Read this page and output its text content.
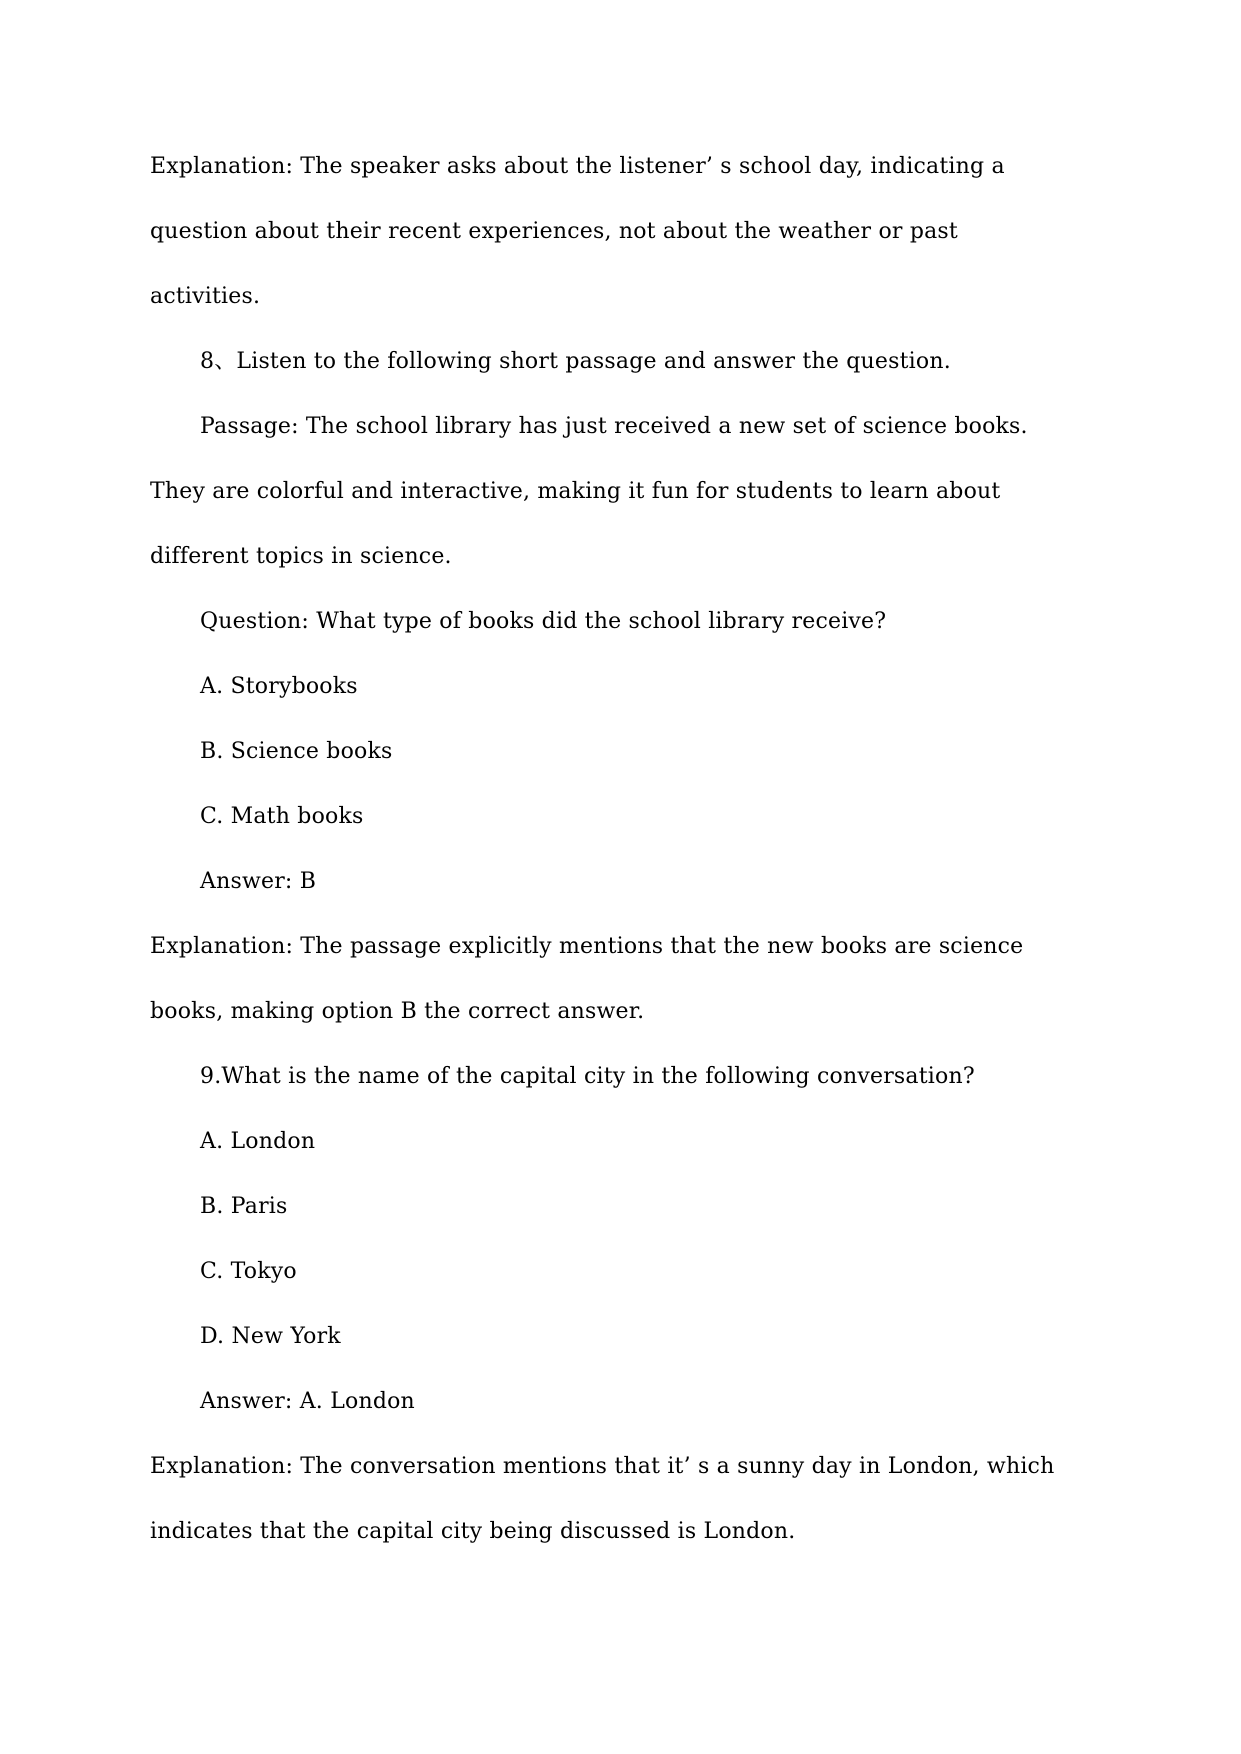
Explanation: The speaker asks about the listener’ s school day, indicating a
question about their recent experiences, not about the weather or past
activities.
8、Listen to the following short passage and answer the question.
Passage: The school library has just received a new set of science books.
They are colorful and interactive, making it fun for students to learn about
different topics in science.
Question: What type of books did the school library receive?
A. Storybooks
B. Science books
C. Math books
Answer: B
Explanation: The passage explicitly mentions that the new books are science
books, making option B the correct answer.
9.What is the name of the capital city in the following conversation?
A. London
B. Paris
C. Tokyo
D. New York
Answer: A. London
Explanation: The conversation mentions that it’ s a sunny day in London, which
indicates that the capital city being discussed is London.
